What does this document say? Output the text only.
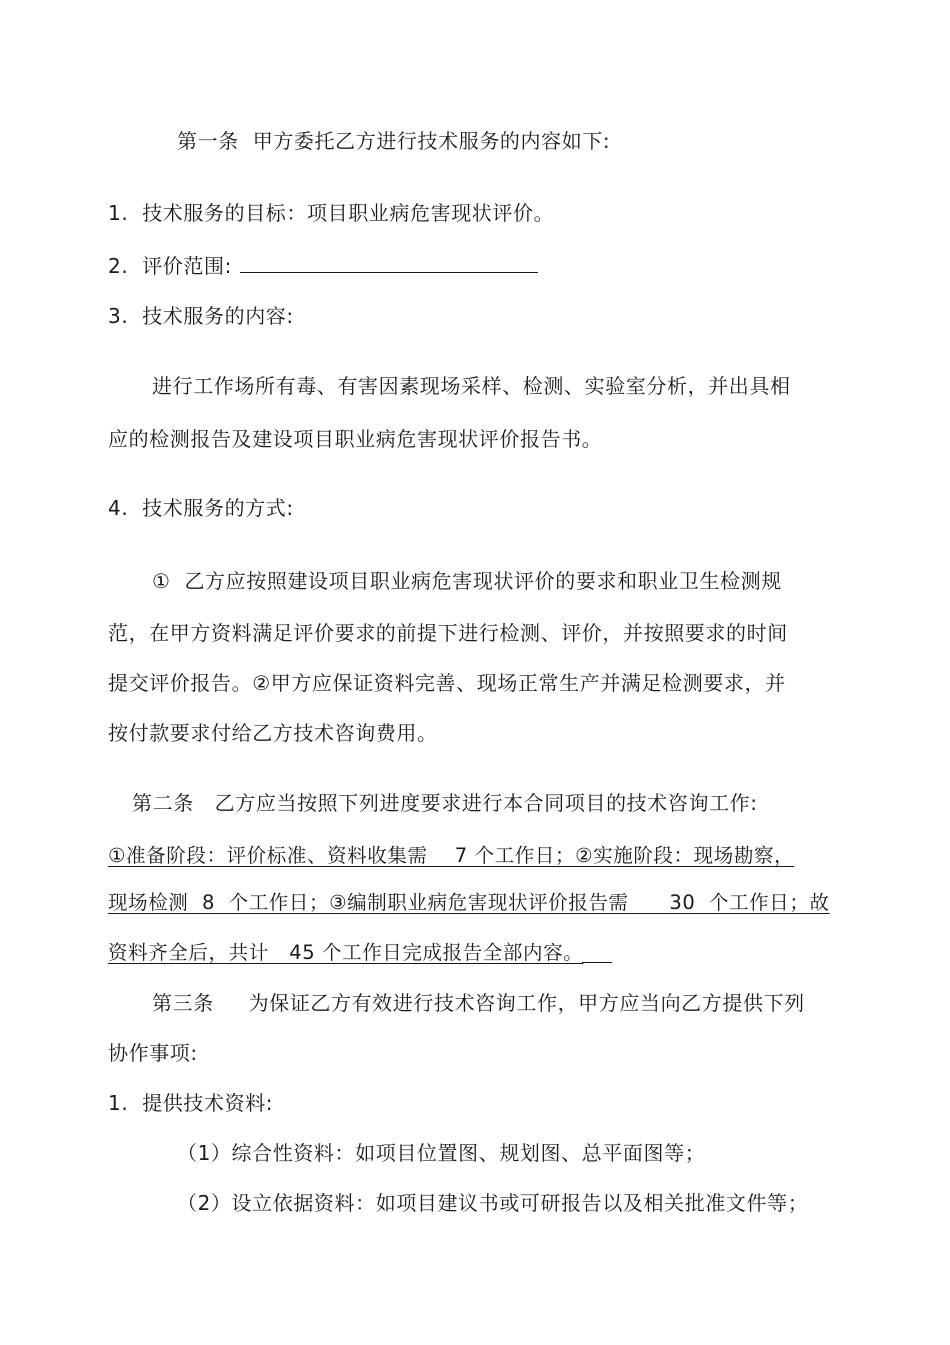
第一条  甲方委托乙方进行技术服务的内容如下:
1.  技术服务的目标：项目职业病危害现状评价。
2.  评价范围:
3.  技术服务的内容:
进行工作场所有毒、有害因素现场采样、检测、实验室分析，并出具相
应的检测报告及建设项目职业病危害现状评价报告书。
4.  技术服务的方式:
①  乙方应按照建设项目职业病危害现状评价的要求和职业卫生检测规
范，在甲方资料满足评价要求的前提下进行检测、评价，并按照要求的时间
提交评价报告。②甲方应保证资料完善、现场正常生产并满足检测要求，并
按付款要求付给乙方技术咨询费用。
第二条   乙方应当按照下列进度要求进行本合同项目的技术咨询工作:
①准备阶段：评价标准、资料收集需    7 个工作日；②实施阶段：现场勘察，
现场检测  8  个工作日；③编制职业病危害现状评价报告需      30  个工作日；故
资料齐全后，共计   45 个工作日完成报告全部内容。
第三条     为保证乙方有效进行技术咨询工作，甲方应当向乙方提供下列
协作事项:
1.  提供技术资料:
（1）综合性资料：如项目位置图、规划图、总平面图等；
（2）设立依据资料：如项目建议书或可研报告以及相关批准文件等；
